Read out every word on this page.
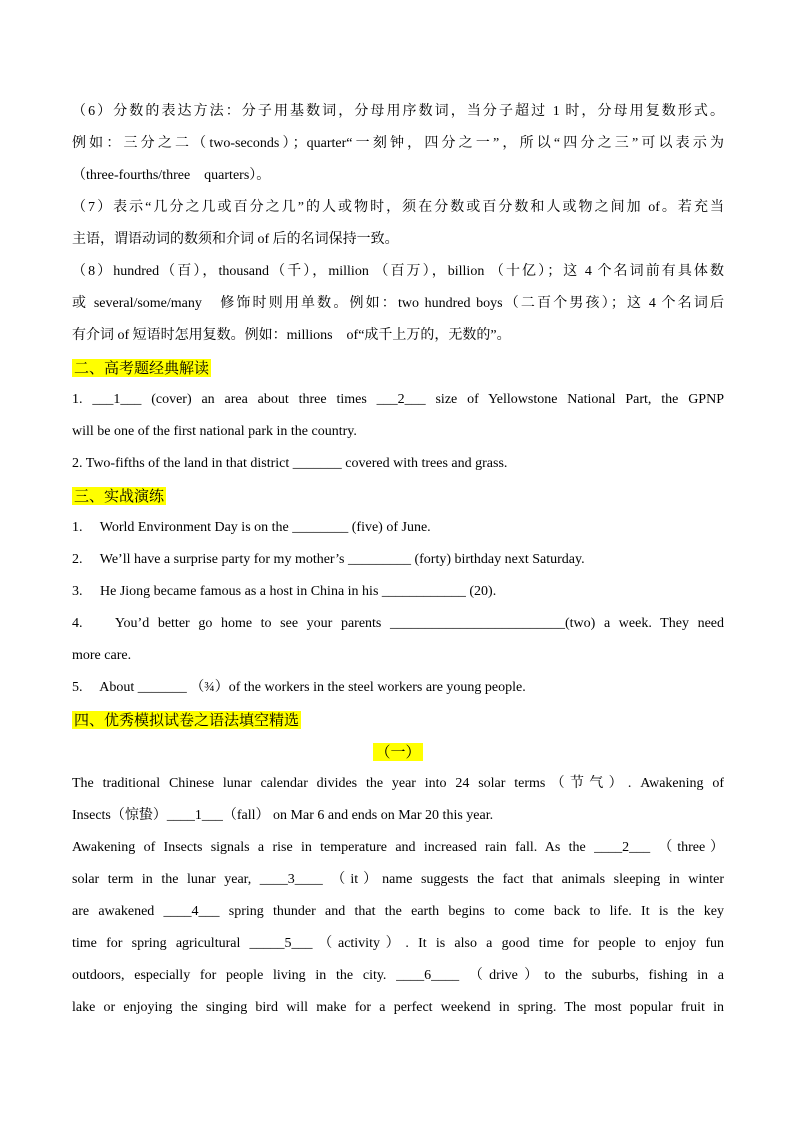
（6）分数的表达方法：分子用基数词，分母用序数词，当分子超过 1 时，分母用复数形式。
例如：三分之二（two-seconds）；quarter“一刻钟，四分之一”，所以“四分之三”可以表示为
（three-fourths/three　quarters）。
（7）表示“几分之几或百分之几”的人或物时，须在分数或百分数和人或物之间加 of。若充当
主语，谓语动词的数须和介词 of 后的名词保持一致。
（8）hundred（百），thousand（千），million （百万），billion （十亿）；这 4 个名词前有具体数
或 several/some/many　修饰时则用单数。例如：two hundred boys（二百个男孩）；这 4 个名词后
有介词 of 短语时怎用复数。例如：millions　of“成千上万的，无数的”。
二、高考题经典解读
1. ___1___ (cover) an area about three times ___2___ size of Yellowstone National Part, the GPNP
will be one of the first national park in the country.
2. Two-fifths of the land in that district _______ covered with trees and grass.
三、实战演练
1.　 World Environment Day is on the ________ (five) of June.
2.　 We’ll have a surprise party for my mother’s _________ (forty) birthday next Saturday.
3.　 He Jiong became famous as a host in China in his ____________ (20).
4.　 You’d better go home to see your parents _________________________(two) a week. They need
more care.
5.　 About _______ （¾）of the workers in the steel workers are young people.
四、优秀模拟试卷之语法填空精选
（一）
The traditional Chinese lunar calendar divides the year into 24 solar terms（节气）. Awakening of
Insects（惊蛰）____1___（fall） on Mar 6 and ends on Mar 20 this year.
Awakening of Insects signals a rise in temperature and increased rain fall. As the ____2___ （three）
solar term in the lunar year, ____3____ （it）name suggests the fact that animals sleeping in winter
are awakened ____4___ spring thunder and that the earth begins to come back to life. It is the key
time for spring agricultural _____5___（activity）. It is also a good time for people to enjoy fun
outdoors, especially for people living in the city. ____6____ （drive）to the suburbs, fishing in a
lake or enjoying the singing bird will make for a perfect weekend in spring. The most popular fruit in
